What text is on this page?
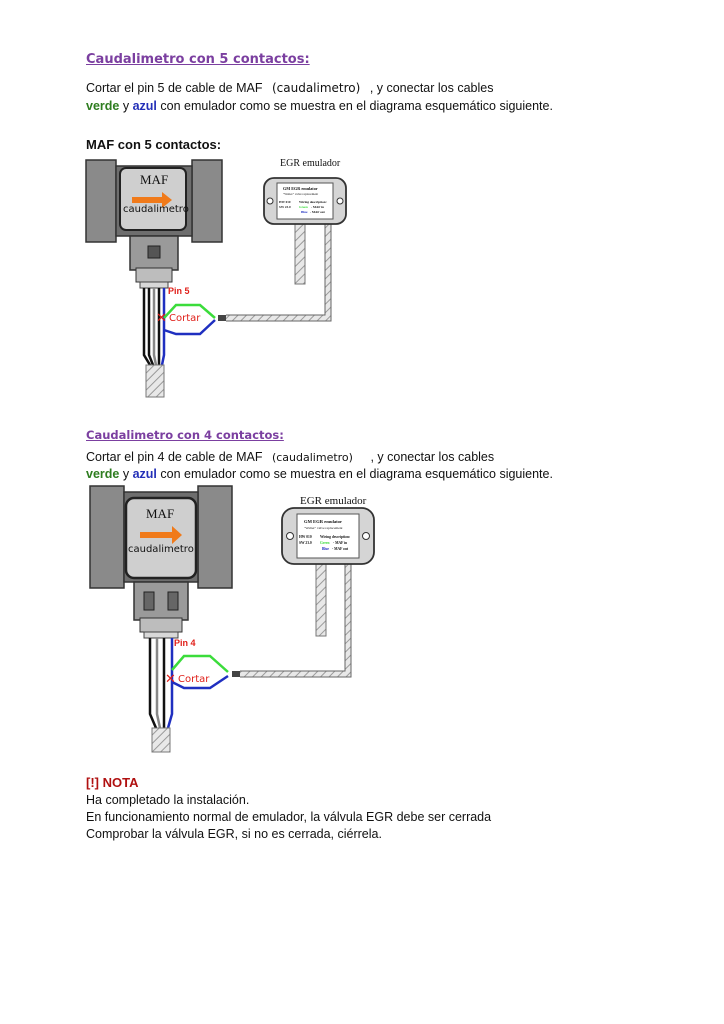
Caudalimetro con 5 contactos:
Cortar el pin 5 de cable de MAF (caudalimetro) , y conectar los cables
verde y azul con emulador como se muestra en el diagrama esquemático siguiente.
MAF con 5 contactos:
MAF
caudalimetro
Pin 5
✕ Cortar
EGR emulador
GM EGR emulator
"Walter" valve replacement
HW 010	Wiring description:
SW 23.0	Green - MAF in
Blue - MAF out
Caudalimetro con 4 contactos:
Cortar el pin 4 de cable de MAF (caudalimetro) , y conectar los cables
verde y azul con emulador como se muestra en el diagrama esquemático siguiente.
MAF
caudalimetro
Pin 4
✕ Cortar
EGR emulador
GM EGR emulator
"Walter" valve replacement
HW 010 Wiring description:
SW 23.0 Green - MAF in
Blue - MAF out
[!] NOTA
Ha completado la instalación.
En funcionamiento normal de emulador, la válvula EGR debe ser cerrada
Comprobar la válvula EGR, si no es cerrada, ciérrela.
